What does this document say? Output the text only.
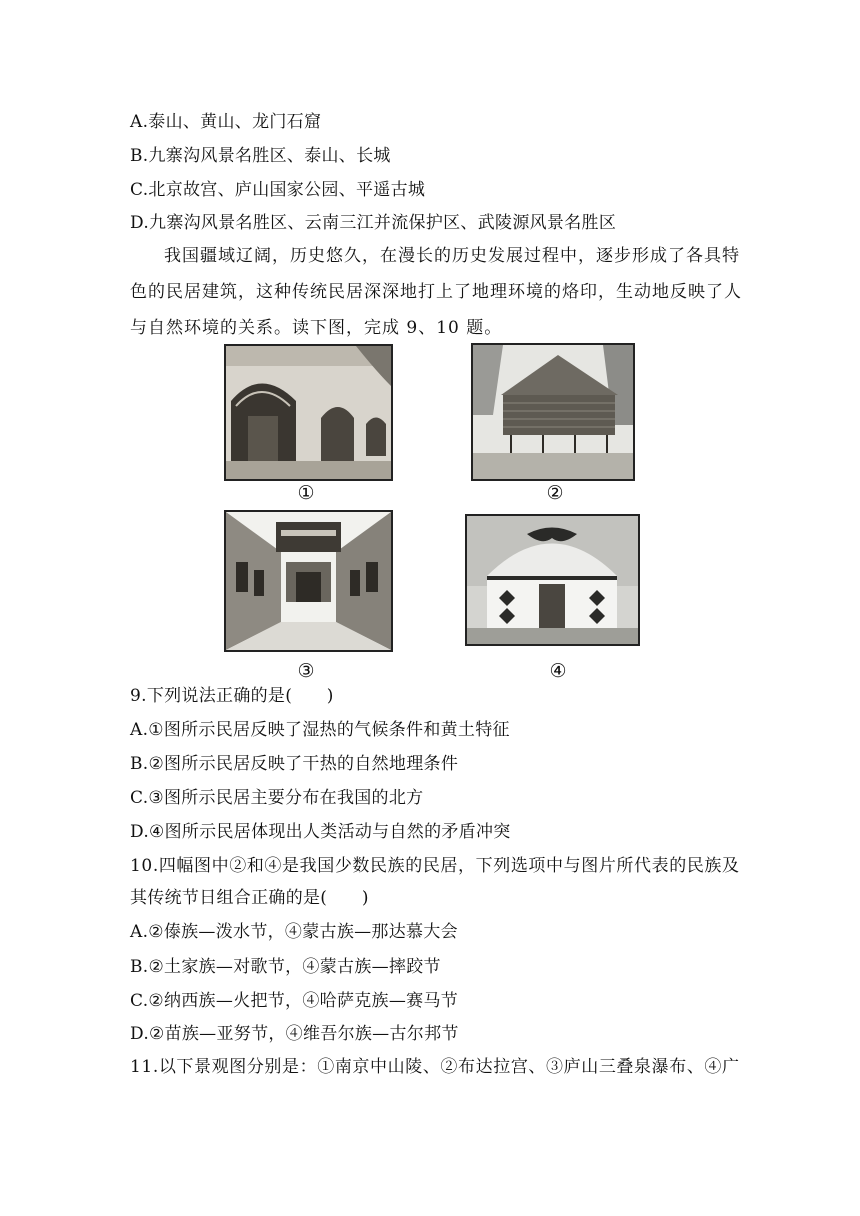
A.泰山、黄山、龙门石窟
B.九寨沟风景名胜区、泰山、长城
C.北京故宫、庐山国家公园、平遥古城
D.九寨沟风景名胜区、云南三江并流保护区、武陵源风景名胜区
我国疆域辽阔，历史悠久，在漫长的历史发展过程中，逐步形成了各具特色的民居建筑，这种传统民居深深地打上了地理环境的烙印，生动地反映了人与自然环境的关系。读下图，完成 9、10 题。
①	②
③	④
9.下列说法正确的是(　　)
A.①图所示民居反映了湿热的气候条件和黄土特征
B.②图所示民居反映了干热的自然地理条件
C.③图所示民居主要分布在我国的北方
D.④图所示民居体现出人类活动与自然的矛盾冲突
10.四幅图中②和④是我国少数民族的民居，下列选项中与图片所代表的民族及
其传统节日组合正确的是(　　)
A.②傣族—泼水节，④蒙古族—那达慕大会
B.②土家族—对歌节，④蒙古族—摔跤节
C.②纳西族—火把节，④哈萨克族—赛马节
D.②苗族—亚努节，④维吾尔族—古尔邦节
11.以下景观图分别是：①南京中山陵、②布达拉宫、③庐山三叠泉瀑布、④广
